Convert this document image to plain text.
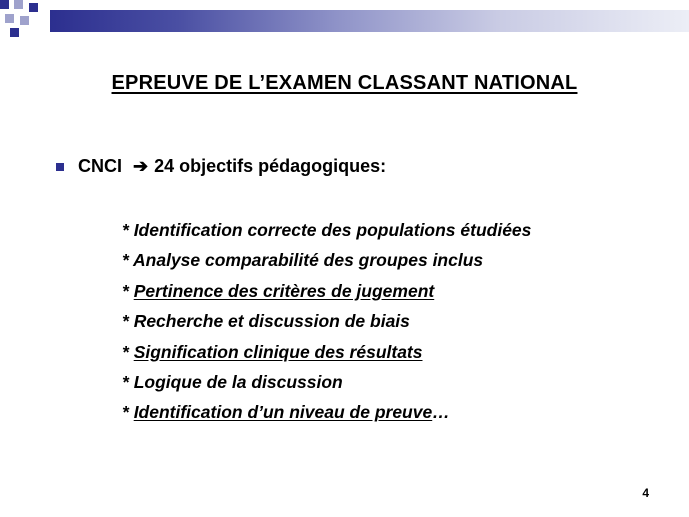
EPREUVE DE L’EXAMEN CLASSANT NATIONAL
CNCI ➔ 24 objectifs pédagogiques:
* Identification correcte des populations étudiées
* Analyse comparabilité des groupes inclus
* Pertinence des critères de jugement
* Recherche et discussion de biais
* Signification clinique des résultats
* Logique de la discussion
* Identification d’un niveau de preuve…
4
